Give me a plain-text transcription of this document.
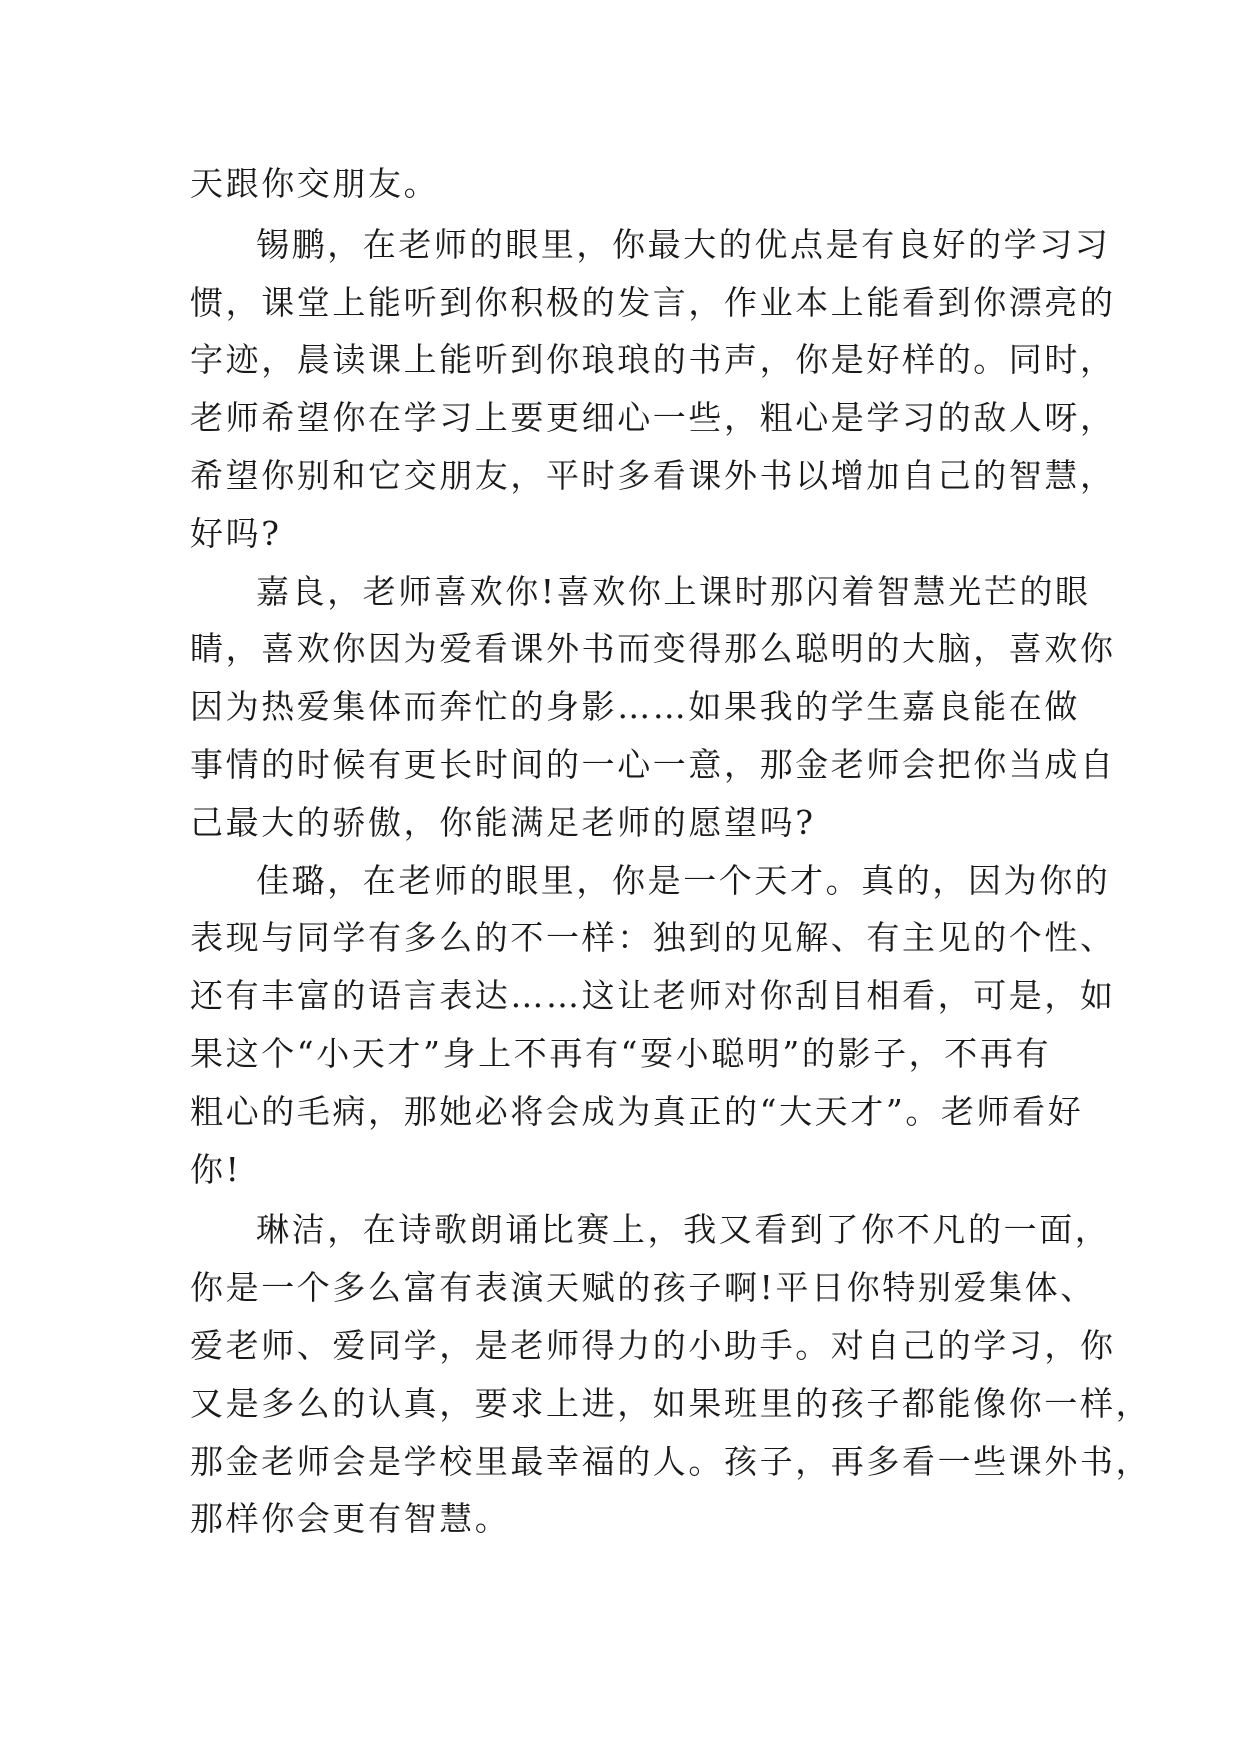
天跟你交朋友。
锡鹏，在老师的眼里，你最大的优点是有良好的学习习
惯，课堂上能听到你积极的发言，作业本上能看到你漂亮的
字迹，晨读课上能听到你琅琅的书声，你是好样的。同时，
老师希望你在学习上要更细心一些，粗心是学习的敌人呀，
希望你别和它交朋友，平时多看课外书以增加自己的智慧，
好吗?
嘉良，老师喜欢你!喜欢你上课时那闪着智慧光芒的眼
睛，喜欢你因为爱看课外书而变得那么聪明的大脑，喜欢你
因为热爱集体而奔忙的身影……如果我的学生嘉良能在做
事情的时候有更长时间的一心一意，那金老师会把你当成自
己最大的骄傲，你能满足老师的愿望吗?
佳璐，在老师的眼里，你是一个天才。真的，因为你的
表现与同学有多么的不一样：独到的见解、有主见的个性、
还有丰富的语言表达……这让老师对你刮目相看，可是，如
果这个“小天才”身上不再有“耍小聪明”的影子，不再有
粗心的毛病，那她必将会成为真正的“大天才”。老师看好
你!
琳洁，在诗歌朗诵比赛上，我又看到了你不凡的一面，
你是一个多么富有表演天赋的孩子啊!平日你特别爱集体、
爱老师、爱同学，是老师得力的小助手。对自己的学习，你
又是多么的认真，要求上进，如果班里的孩子都能像你一样，
那金老师会是学校里最幸福的人。孩子，再多看一些课外书，
那样你会更有智慧。
